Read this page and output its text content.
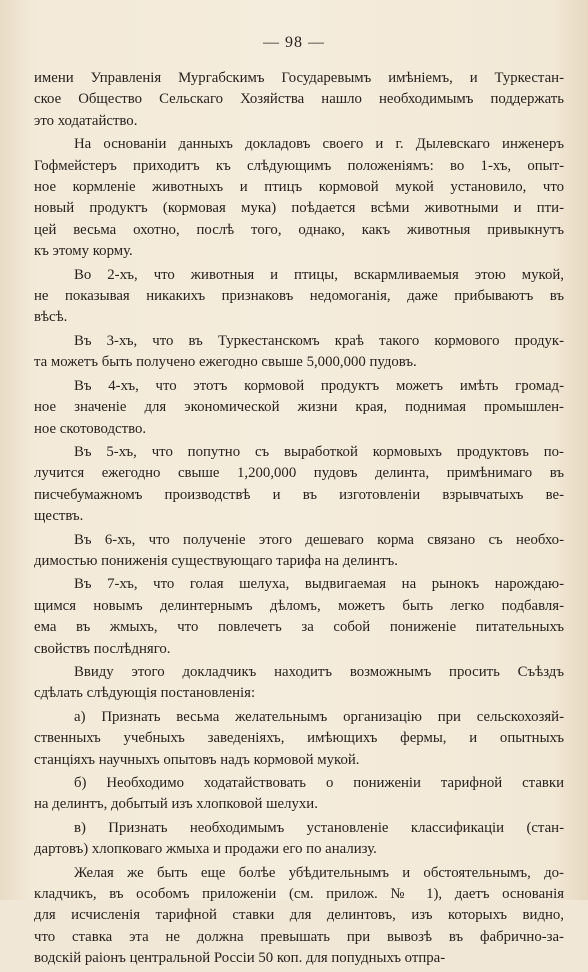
— 98 —
имени Управленія Мургабскимъ Государевымъ имѣніемъ, и Туркестан-
ское Общество Сельскаго Хозяйства нашло необходимымъ поддержать
это ходатайство.
На основаніи данныхъ докладовъ своего и г. Дылевскаго инженеръ
Гофмейстеръ приходитъ къ слѣдующимъ положеніямъ: во 1-хъ, опыт-
ное кормленіе животныхъ и птицъ кормовой мукой установило, что
новый продуктъ (кормовая мука) поѣдается всѣми животными и пти-
цей весьма охотно, послѣ того, однако, какъ животныя привыкнутъ
къ этому корму.
Во 2-хъ, что животныя и птицы, вскармливаемыя этою мукой,
не показывая никакихъ признаковъ недомоганія, даже прибываютъ въ
вѣсѣ.
Въ 3-хъ, что въ Туркестанскомъ краѣ такого кормового продук-
та можетъ быть получено ежегодно свыше 5,000,000 пудовъ.
Въ 4-хъ, что этотъ кормовой продуктъ можетъ имѣть громад-
ное значеніе для экономической жизни края, поднимая промышлен-
ное скотоводство.
Въ 5-хъ, что попутно съ выработкой кормовыхъ продуктовъ по-
лучится ежегодно свыше 1,200,000 пудовъ делинта, примѣнимаго въ
писчебумажномъ производствѣ и въ изготовленіи взрывчатыхъ ве-
ществъ.
Въ 6-хъ, что полученіе этого дешеваго корма связано съ необхо-
димостью пониженія существующаго тарифа на делинтъ.
Въ 7-хъ, что голая шелуха, выдвигаемая на рынокъ нарождаю-
щимся новымъ делинтернымъ дѣломъ, можетъ быть легко подбавля-
ема въ жмыхъ, что повлечетъ за собой пониженіе питательныхъ
свойствъ послѣдняго.
Ввиду этого докладчикъ находитъ возможнымъ просить Съѣздъ
сдѣлать слѣдующія постановленія:
а) Признать весьма желательнымъ организацію при сельскохозяй-
ственныхъ учебныхъ заведеніяхъ, имѣющихъ фермы, и опытныхъ
станціяхъ научныхъ опытовъ надъ кормовой мукой.
б) Необходимо ходатайствовать о пониженіи тарифной ставки
на делинтъ, добытый изъ хлопковой шелухи.
в) Признать необходимымъ установленіе классификаціи (стан-
дартовъ) хлопковаго жмыха и продажи его по анализу.
Желая же быть еще болѣе убѣдительнымъ и обстоятельнымъ, до-
кладчикъ, въ особомъ приложеніи (см. прилож. № 1), даетъ основанія
для исчисленія тарифной ставки для делинтовъ, изъ которыхъ видно,
что ставка эта не должна превышать при вывозѣ въ фабрично-за-
водскій раіонъ центральной Россіи 50 коп. для попудныхъ отпра-
